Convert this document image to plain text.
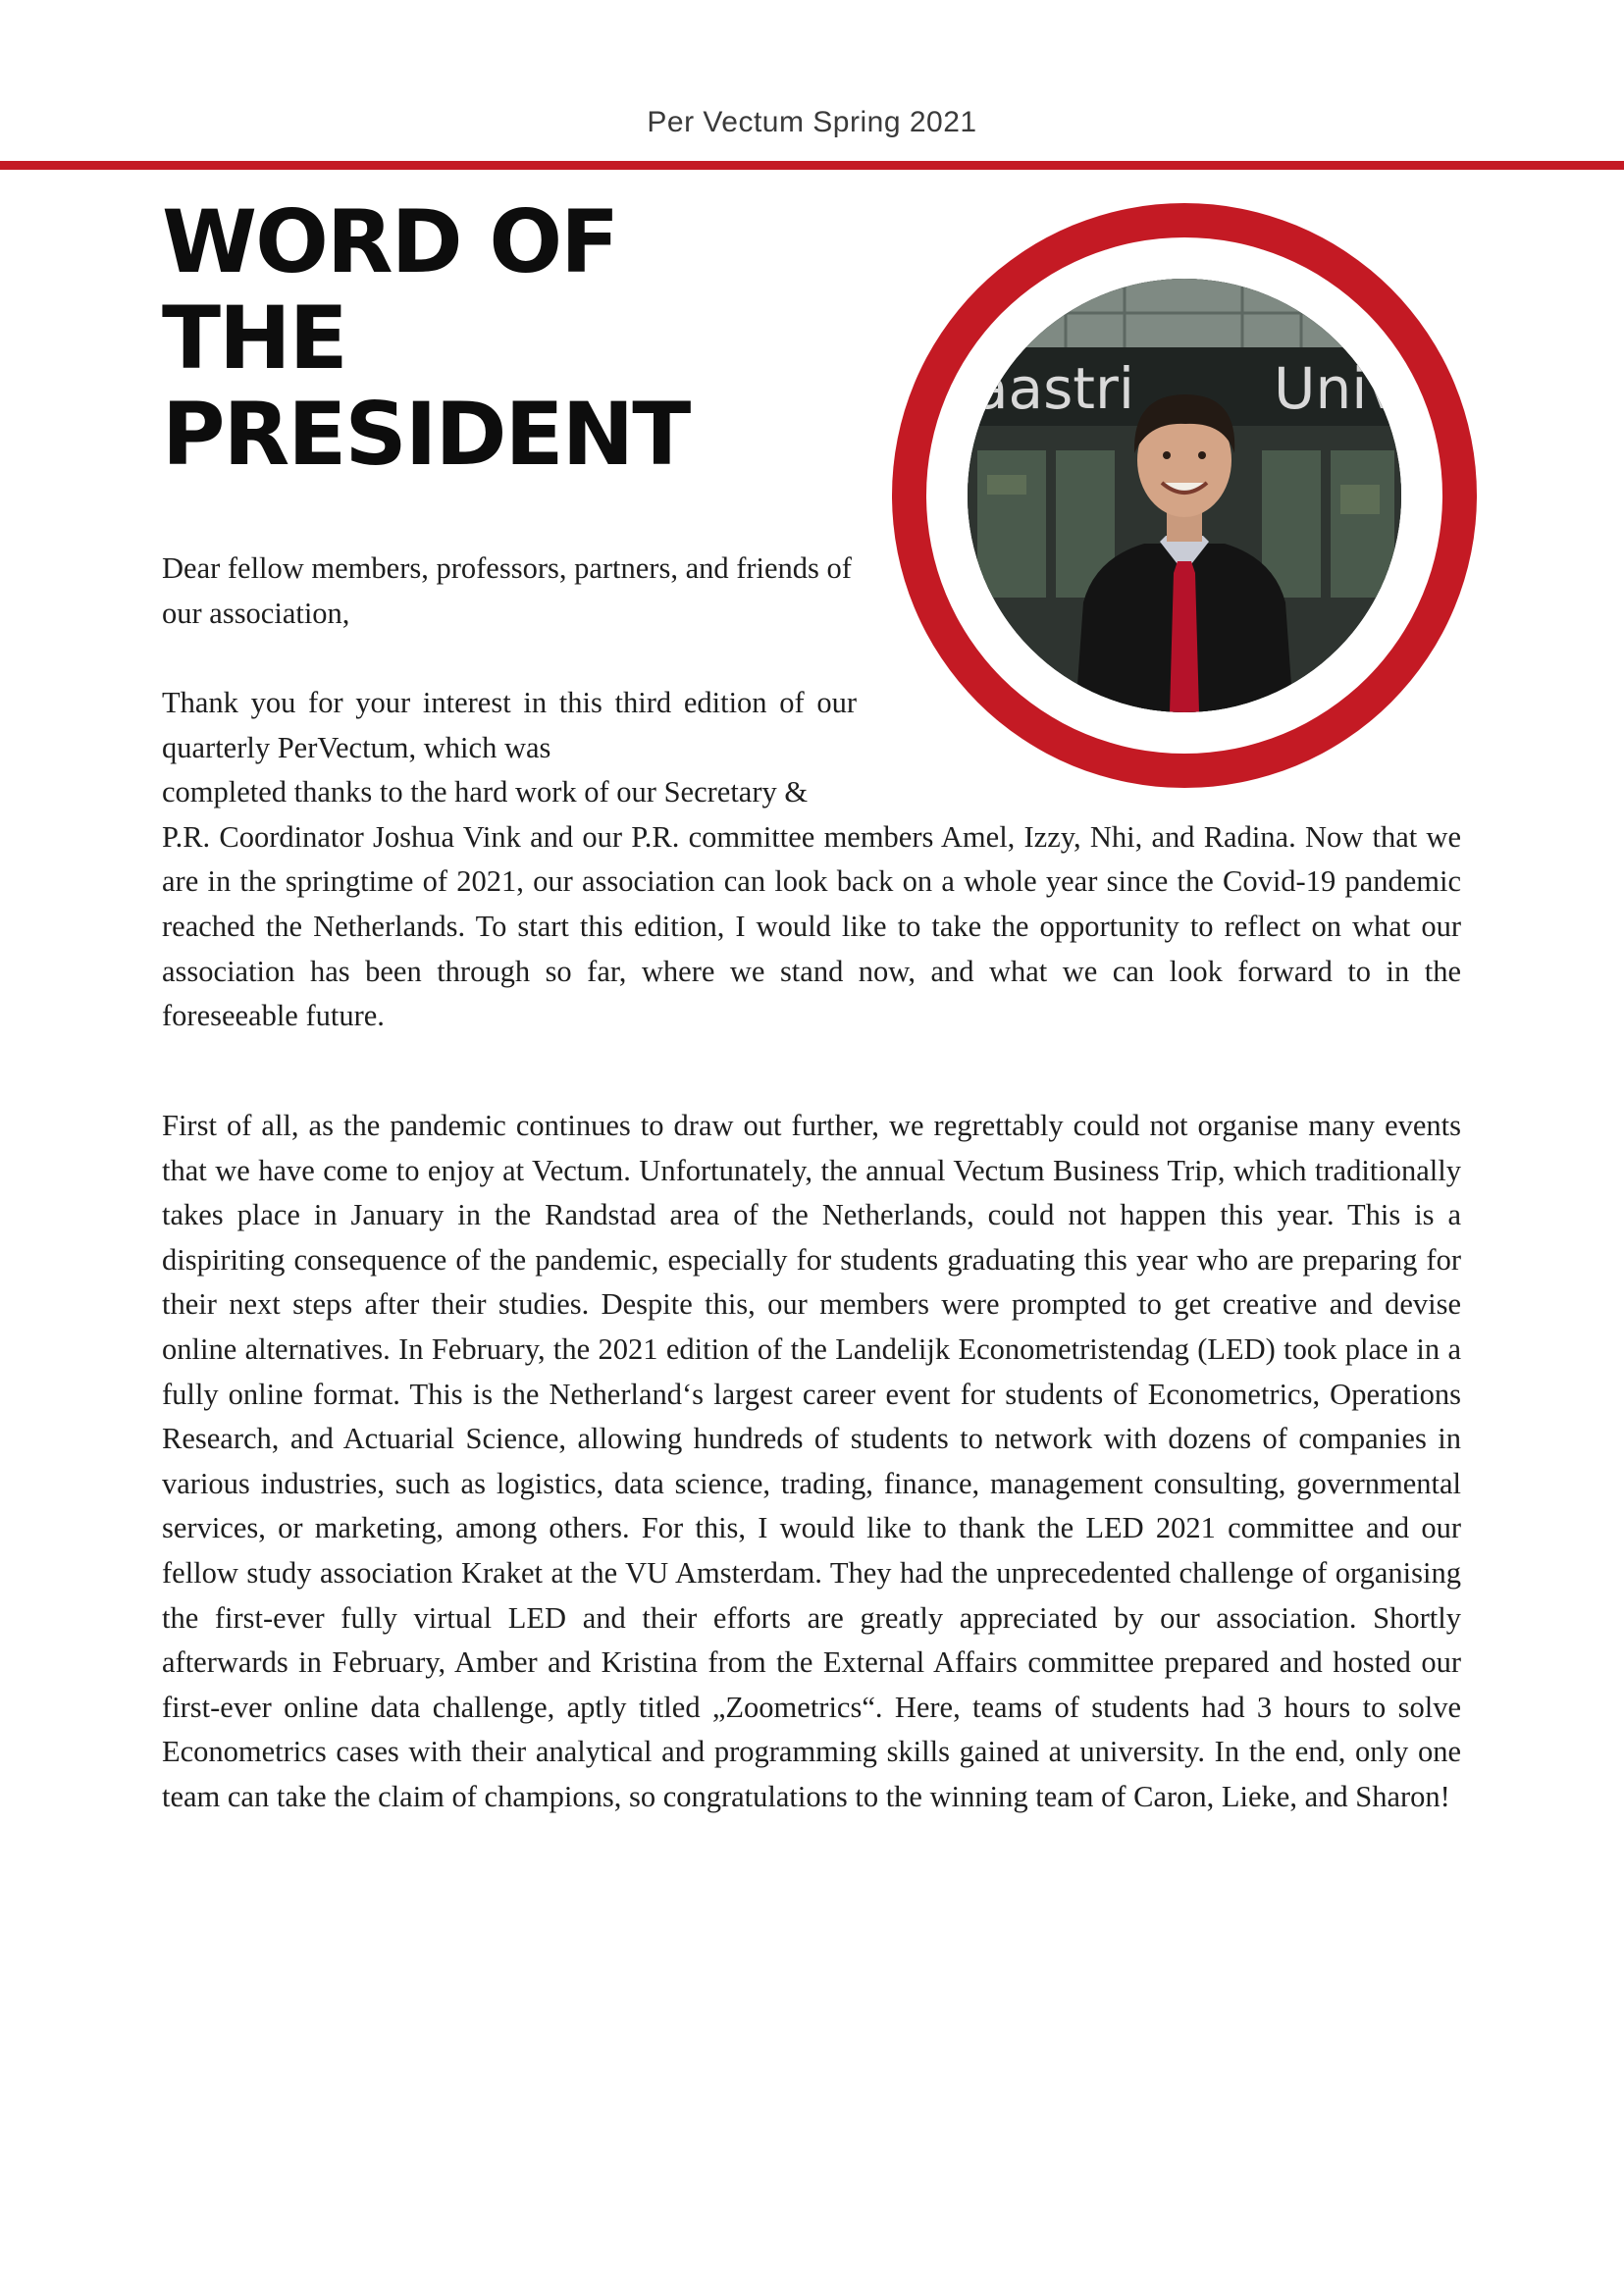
Per Vectum Spring 2021
WORD OF
THE
PRESIDENT	aastri Univ

Dear fellow members, professors, partners, and friends of our association,

Thank you for your interest in this third edition of our quarterly PerVectum, which was

completed thanks to the hard work of our Secretary &

P.R. Coordinator Joshua Vink and our P.R. committee members Amel, Izzy, Nhi, and Radina. Now that we are in the springtime of 2021, our association can look back on a whole year since the Covid-19 pandemic reached the Netherlands. To start this edition, I would like to take the opportunity to reflect on what our association has been through so far, where we stand now, and what we can look forward to in the foreseeable future.

First of all, as the pandemic continues to draw out further, we regrettably could not organise many events that we have come to enjoy at Vectum. Unfortunately, the annual Vectum Business Trip, which traditionally takes place in January in the Randstad area of the Netherlands, could not happen this year. This is a dispiriting consequence of the pandemic, especially for students graduating this year who are preparing for their next steps after their studies. Despite this, our members were prompted to get creative and devise online alternatives. In February, the 2021 edition of the Landelijk Econometristendag (LED) took place in a fully online format. This is the Netherland‘s largest career event for students of Econometrics, Operations Research, and Actuarial Science, allowing hundreds of students to network with dozens of companies in various industries, such as logistics, data science, trading, finance, management consulting, governmental services, or marketing, among others. For this, I would like to thank the LED 2021 committee and our fellow study association Kraket at the VU Amsterdam. They had the unprecedented challenge of organising the first-ever fully virtual LED and their efforts are greatly appreciated by our association. Shortly afterwards in February, Amber and Kristina from the External Affairs committee prepared and hosted our first-ever online data challenge, aptly titled „Zoometrics“. Here, teams of students had 3 hours to solve Econometrics cases with their analytical and programming skills gained at university. In the end, only one team can take the claim of champions, so congratulations to the winning team of Caron, Lieke, and Sharon!
